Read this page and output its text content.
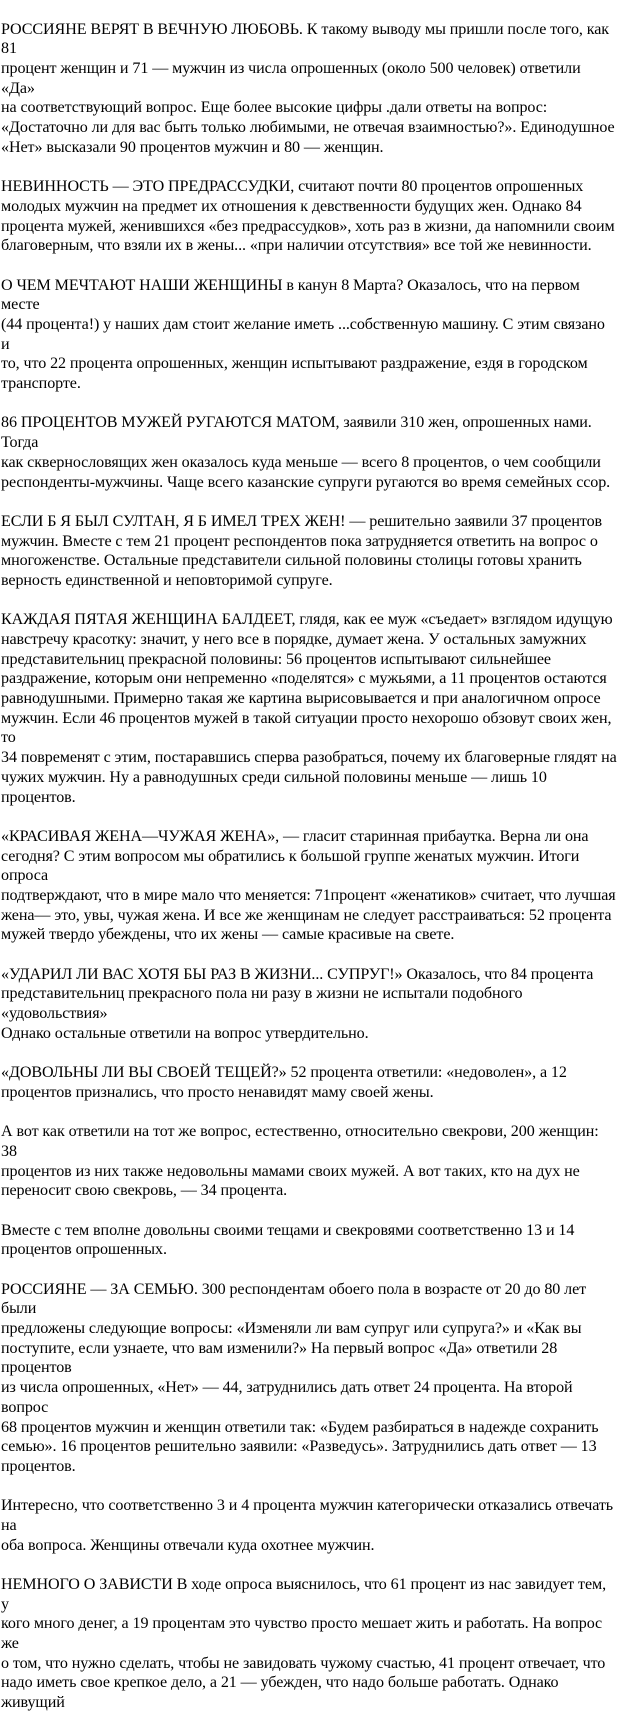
РОССИЯНЕ ВЕРЯТ В ВЕЧНУЮ ЛЮБОВЬ. К такому выводу мы пришли после того, как 81
процент женщин и 71 — мужчин из числа опрошенных (около 500 человек) ответили «Да»
на соответствующий вопрос. Еще более высокие цифры .дали ответы на вопрос:
«Достаточно ли для вас быть только любимыми, не отвечая взаимностью?». Единодушное
«Нет» высказали 90 процентов мужчин и 80 — женщин.

НЕВИННОСТЬ — ЭТО ПРЕДРАССУДКИ, считают почти 80 процентов опрошенных
молодых мужчин на предмет их отношения к девственности будущих жен. Однако 84
процента мужей, женившихся «без предрассудков», хоть раз в жизни, да напомнили своим
благоверным, что взяли их в жены... «при наличии отсутствия» все той же невинности.

О ЧЕМ МЕЧТАЮТ НАШИ ЖЕНЩИНЫ в канун 8 Марта? Оказалось, что на первом месте
(44 процента!) у наших дам стоит желание иметь ...собственную машину. С этим связано и
то, что 22 процента опрошенных, женщин испытывают раздражение, ездя в городском
транспорте.

86 ПРОЦЕНТОВ МУЖЕЙ РУГАЮТСЯ МАТОМ, заявили 310 жен, опрошенных нами. Тогда
как сквернословящих жен оказалось куда меньше — всего 8 процентов, о чем сообщили
респонденты-мужчины. Чаще всего казанские супруги ругаются во время семейных ссор.

ЕСЛИ Б Я БЫЛ СУЛТАН, Я Б ИМЕЛ ТРЕХ ЖЕН! — решительно заявили 37 процентов
мужчин. Вместе с тем 21 процент респондентов пока затрудняется ответить на вопрос о
многоженстве. Остальные представители сильной половины столицы готовы хранить
верность единственной и неповторимой супруге.

КАЖДАЯ ПЯТАЯ ЖЕНЩИНА БАЛДЕЕТ, глядя, как ее муж «съедает» взглядом идущую
навстречу красотку: значит, у него все в порядке, думает жена. У остальных замужних
представительниц прекрасной половины: 56 процентов испытывают сильнейшее
раздражение, которым они непременно «поделятся» с мужьями, а 11 процентов остаются
равнодушными. Примерно такая же картина вырисовывается и при аналогичном опросе
мужчин. Если 46 процентов мужей в такой ситуации просто нехорошо обзовут своих жен, то
34 повременят с этим, постаравшись сперва разобраться, почему их благоверные глядят на
чужих мужчин. Ну а равнодушных среди сильной половины меньше — лишь 10 процентов.

«КРАСИВАЯ ЖЕНА—ЧУЖАЯ ЖЕНА», — гласит старинная прибаутка. Верна ли она
сегодня? С этим вопросом мы обратились к большой группе женатых мужчин. Итоги опроса
подтверждают, что в мире мало что меняется: 71процент «женатиков» считает, что лучшая
жена— это, увы, чужая жена. И все же женщинам не следует расстраиваться: 52 процента
мужей твердо убеждены, что их жены — самые красивые на свете.

«УДАРИЛ ЛИ ВАС ХОТЯ БЫ РАЗ В ЖИЗНИ... СУПРУГ!» Оказалось, что 84 процента
представительниц прекрасного пола ни разу в жизни не испытали подобного «удовольствия»
Однако остальные ответили на вопрос утвердительно.

«ДОВОЛЬНЫ ЛИ ВЫ СВОЕЙ ТЕЩЕЙ?» 52 процента ответили: «недоволен», а 12
процентов признались, что просто ненавидят маму своей жены.

А вот как ответили на тот же вопрос, естественно, относительно свекрови, 200 женщин: 38
процентов из них также недовольны мамами своих мужей. А вот таких, кто на дух не
переносит свою свекровь, — 34 процента.

Вместе с тем вполне довольны своими тещами и свекровями соответственно 13 и 14
процентов опрошенных.

РОССИЯНЕ — ЗА СЕМЬЮ. 300 респондентам обоего пола в возрасте от 20 до 80 лет были
предложены следующие вопросы: «Изменяли ли вам супруг или супруга?» и «Как вы
поступите, если узнаете, что вам изменили?» На первый вопрос «Да» ответили 28 процентов
из числа опрошенных, «Нет» — 44, затруднились дать ответ 24 процента. На второй вопрос
68 процентов мужчин и женщин ответили так: «Будем разбираться в надежде сохранить
семью». 16 процентов решительно заявили: «Разведусь». Затруднились дать ответ — 13
процентов.

Интересно, что соответственно 3 и 4 процента мужчин категорически отказались отвечать на
оба вопроса. Женщины отвечали куда охотнее мужчин.

НЕМНОГО О ЗАВИСТИ В ходе опроса выяснилось, что 61 процент из нас завидует тем, у
кого много денег, а 19 процентам это чувство просто мешает жить и работать. На вопрос же
о том, что нужно сделать, чтобы не завидовать чужому счастью, 41 процент отвечает, что
надо иметь свое крепкое дело, а 21 — убежден, что надо больше работать. Однако живущий
